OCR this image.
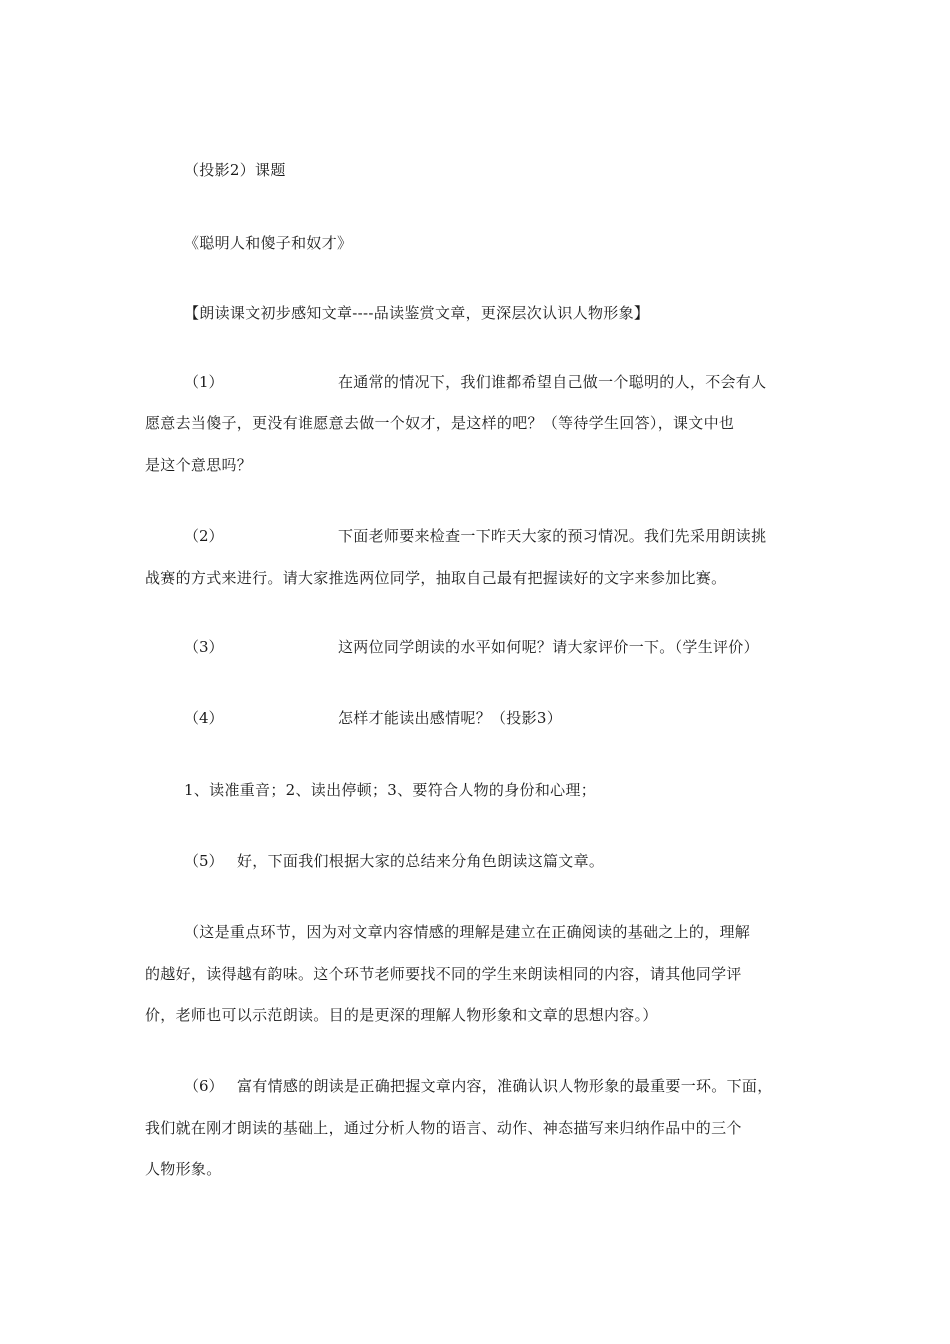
（投影2）课题
《聪明人和傻子和奴才》
【朗读课文初步感知文章----品读鉴赏文章，更深层次认识人物形象】
（1）	在通常的情况下，我们谁都希望自己做一个聪明的人，不会有人
愿意去当傻子，更没有谁愿意去做一个奴才，是这样的吧？（等待学生回答），课文中也
是这个意思吗？
（2）	下面老师要来检查一下昨天大家的预习情况。我们先采用朗读挑
战赛的方式来进行。请大家推选两位同学，抽取自己最有把握读好的文字来参加比赛。
（3）	这两位同学朗读的水平如何呢？请大家评价一下。（学生评价）
（4）	怎样才能读出感情呢？（投影3）
1、读准重音；2、读出停顿；3、要符合人物的身份和心理；
（5） 好，下面我们根据大家的总结来分角色朗读这篇文章。
（这是重点环节，因为对文章内容情感的理解是建立在正确阅读的基础之上的，理解
的越好，读得越有韵味。这个环节老师要找不同的学生来朗读相同的内容，请其他同学评
价，老师也可以示范朗读。目的是更深的理解人物形象和文章的思想内容。）
（6） 富有情感的朗读是正确把握文章内容，准确认识人物形象的最重要一环。下面，
我们就在刚才朗读的基础上，通过分析人物的语言、动作、神态描写来归纳作品中的三个
人物形象。
